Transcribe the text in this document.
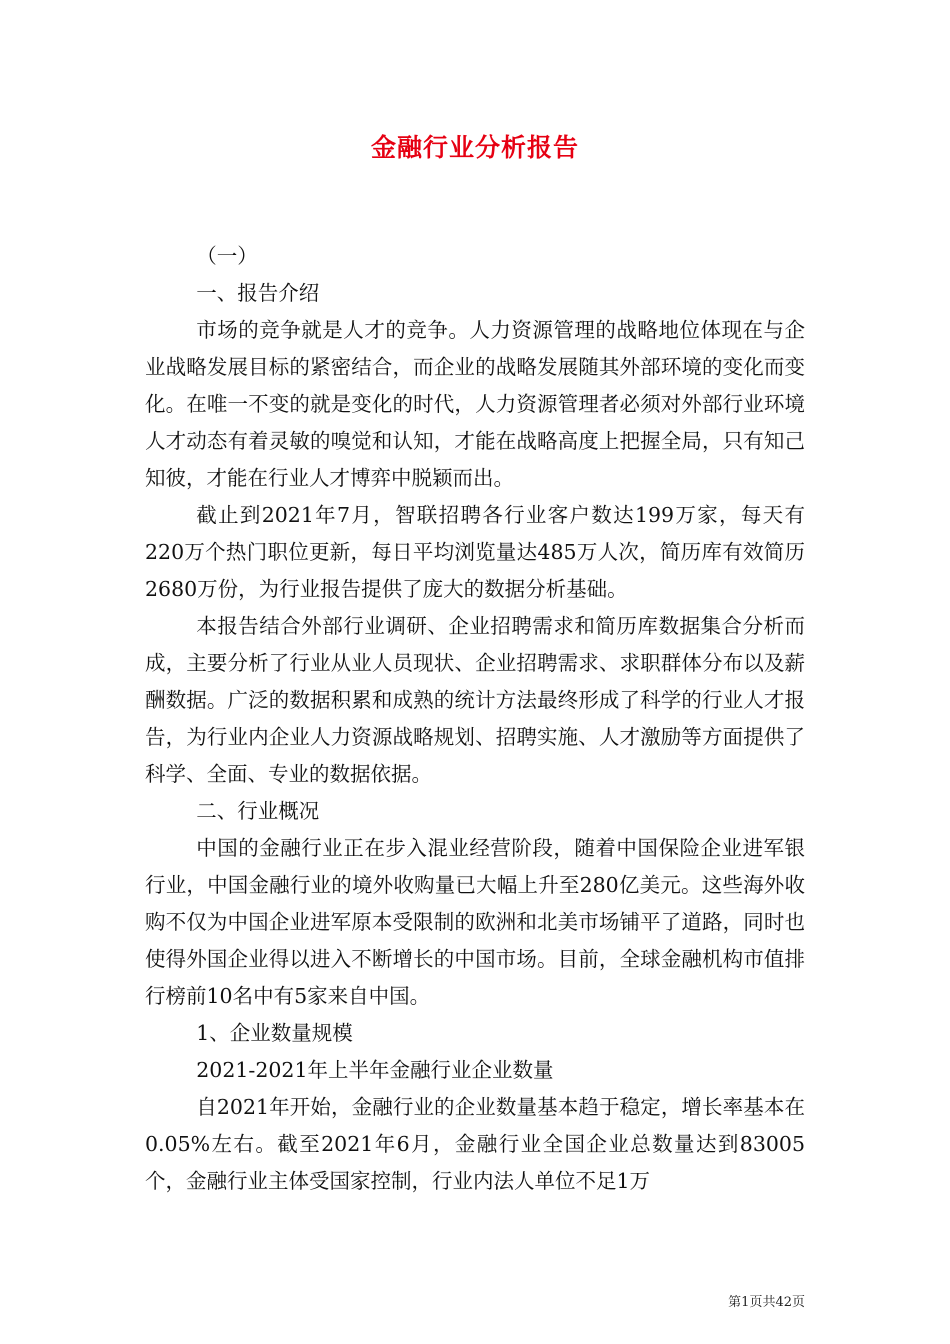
金融行业分析报告

（一）

一、报告介绍

市场的竞争就是人才的竞争。人力资源管理的战略地位体现在与企业战略发展目标的紧密结合，而企业的战略发展随其外部环境的变化而变化。在唯一不变的就是变化的时代，人力资源管理者必须对外部行业环境人才动态有着灵敏的嗅觉和认知，才能在战略高度上把握全局，只有知己知彼，才能在行业人才博弈中脱颖而出。

截止到2021年7月，智联招聘各行业客户数达199万家，每天有220万个热门职位更新，每日平均浏览量达485万人次，简历库有效简历2680万份，为行业报告提供了庞大的数据分析基础。

本报告结合外部行业调研、企业招聘需求和简历库数据集合分析而成，主要分析了行业从业人员现状、企业招聘需求、求职群体分布以及薪酬数据。广泛的数据积累和成熟的统计方法最终形成了科学的行业人才报告，为行业内企业人力资源战略规划、招聘实施、人才激励等方面提供了科学、全面、专业的数据依据。

二、行业概况

中国的金融行业正在步入混业经营阶段，随着中国保险企业进军银行业，中国金融行业的境外收购量已大幅上升至280亿美元。这些海外收购不仅为中国企业进军原本受限制的欧洲和北美市场铺平了道路，同时也使得外国企业得以进入不断增长的中国市场。目前，全球金融机构市值排行榜前10名中有5家来自中国。

1、企业数量规模

2021-2021年上半年金融行业企业数量

自2021年开始，金融行业的企业数量基本趋于稳定，增长率基本在0.05%左右。截至2021年6月，金融行业全国企业总数量达到83005个，金融行业主体受国家控制，行业内法人单位不足1万

第1页共42页
